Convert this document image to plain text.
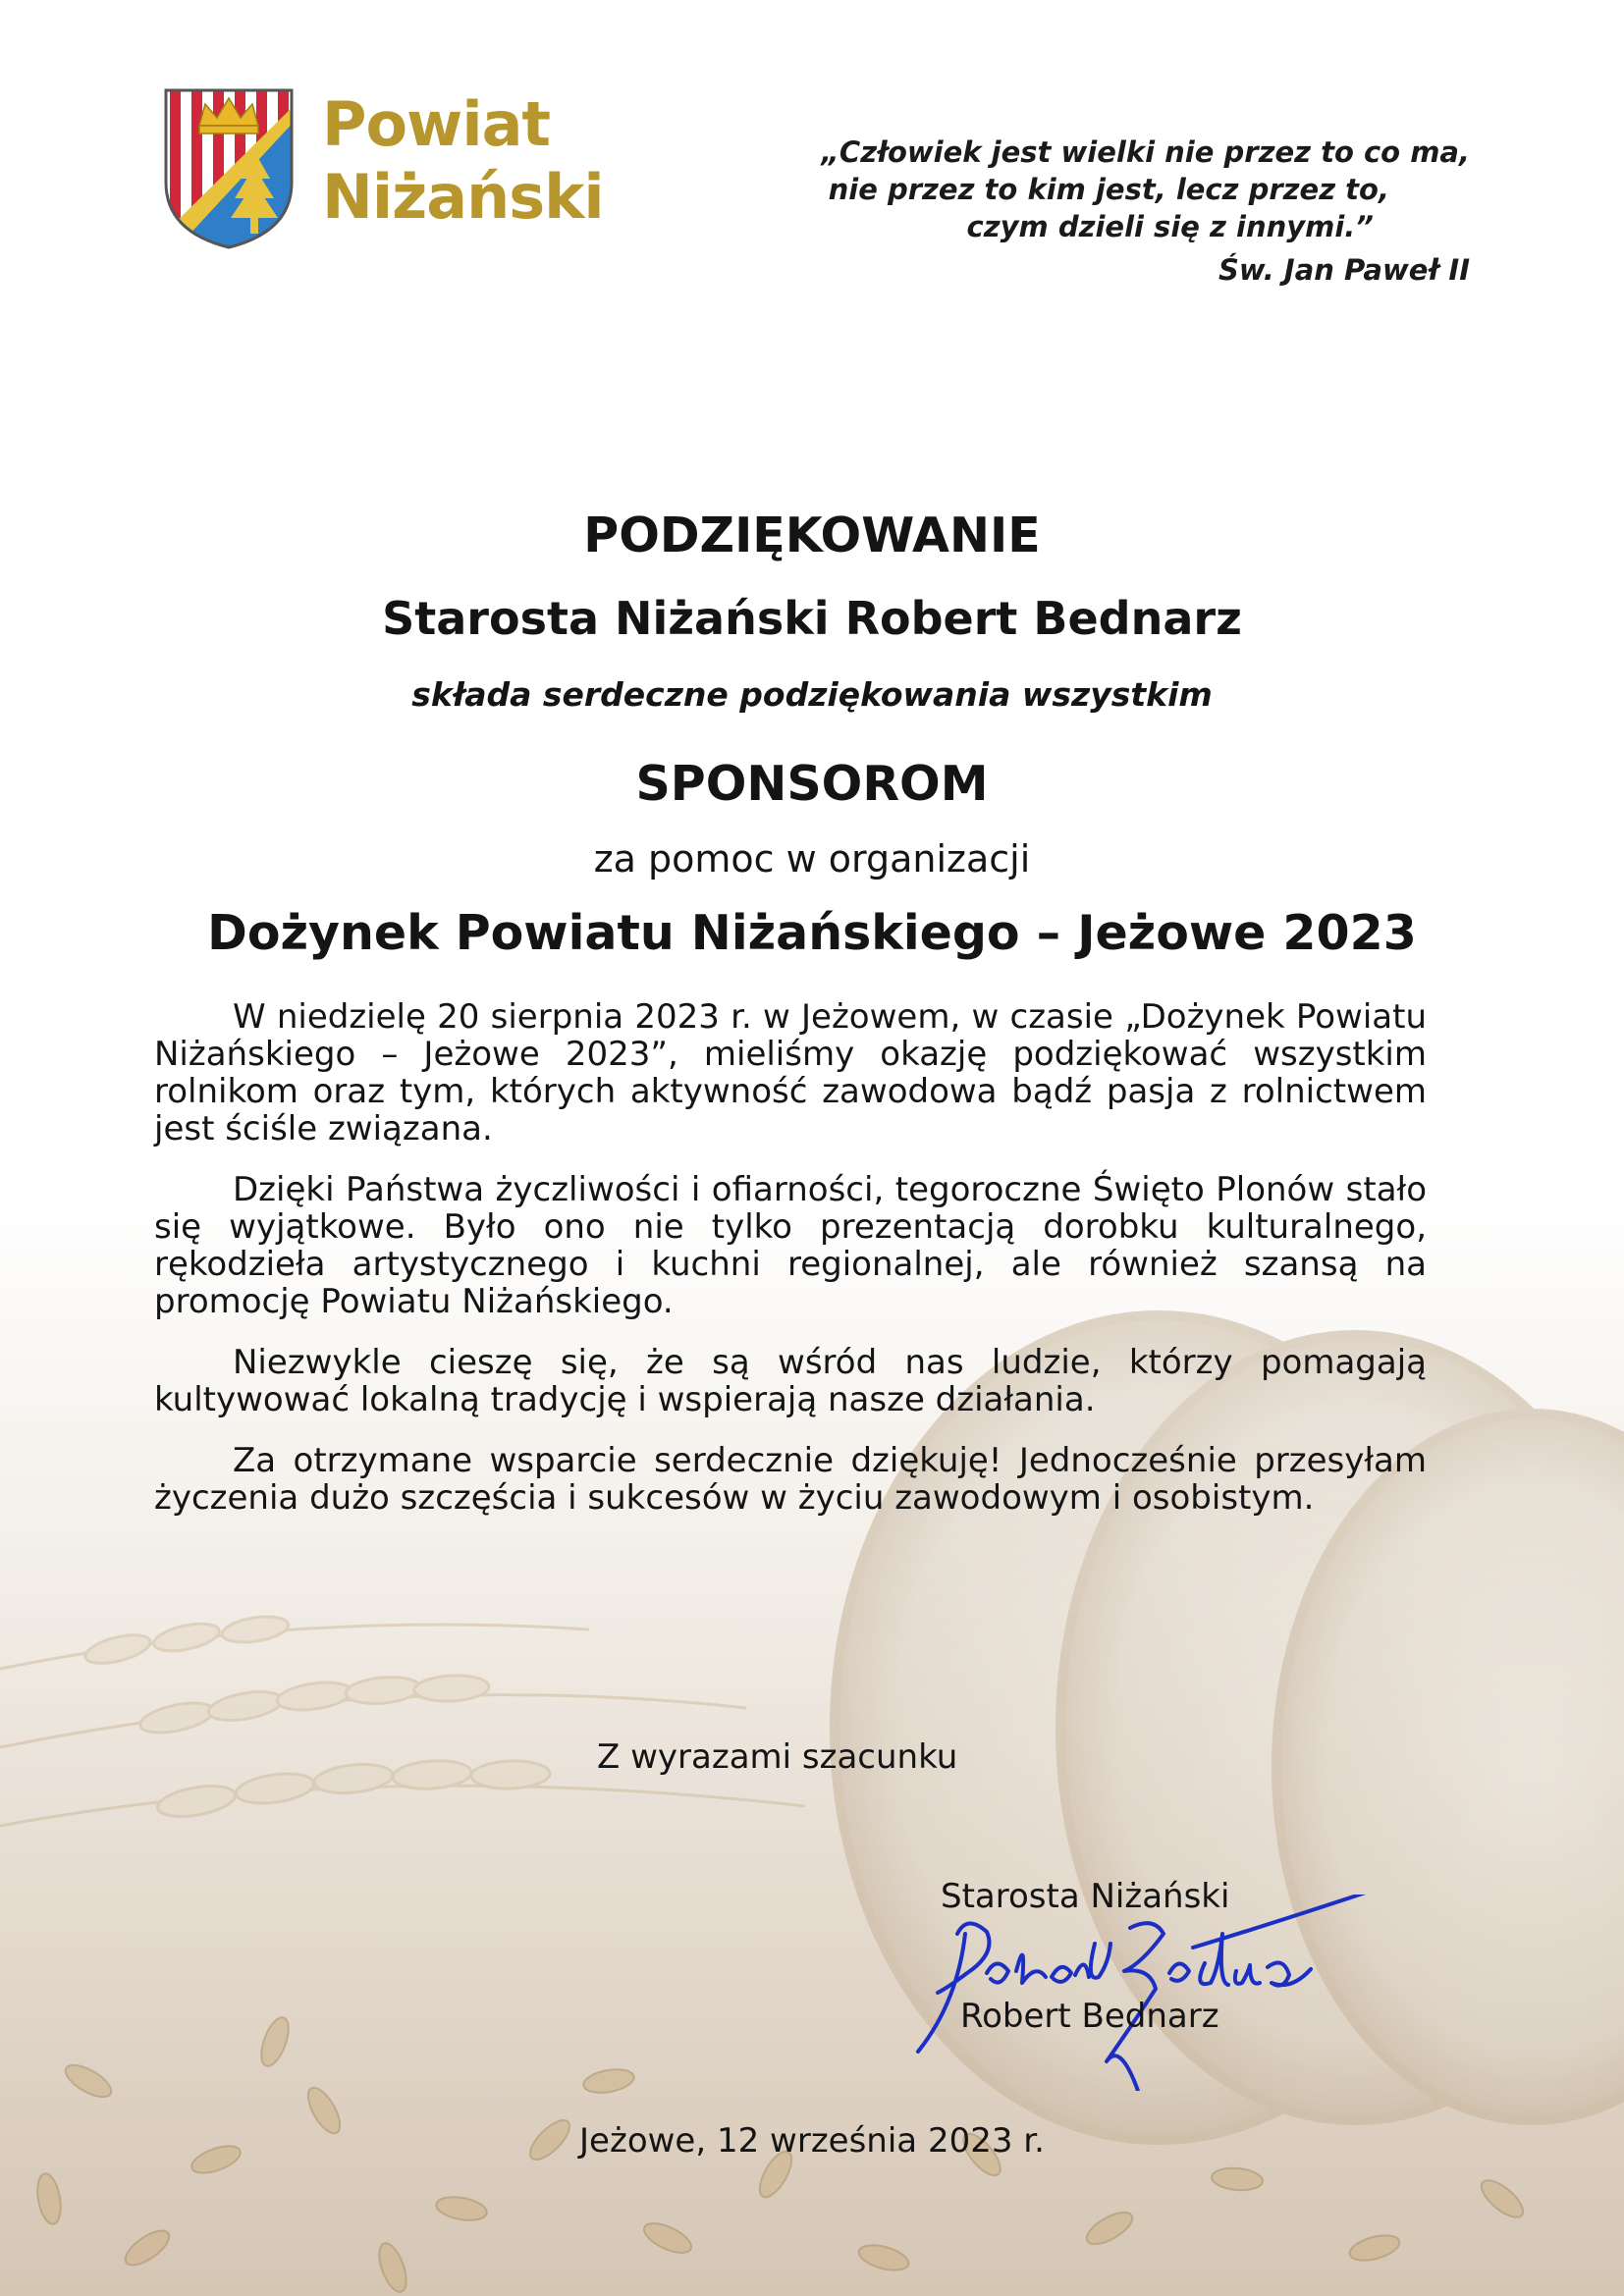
Powiat
Niżański
„Człowiek jest wielki nie przez to co ma,
nie przez to kim jest, lecz przez to,
czym dzieli się z innymi.”
Św. Jan Paweł II
PODZIĘKOWANIE
Starosta Niżański Robert Bednarz
składa serdeczne podziękowania wszystkim
SPONSOROM
za pomoc w organizacji
Dożynek Powiatu Niżańskiego – Jeżowe 2023

W niedzielę 20 sierpnia 2023 r. w Jeżowem, w czasie „Dożynek Powiatu Niżańskiego – Jeżowe 2023”, mieliśmy okazję podziękować wszystkim rolnikom oraz tym, których aktywność zawodowa bądź pasja z rolnictwem jest ściśle związana.

Dzięki Państwa życzliwości i ofiarności, tegoroczne Święto Plonów stało się wyjątkowe. Było ono nie tylko prezentacją dorobku kulturalnego, rękodzieła artystycznego i kuchni regionalnej, ale również szansą na promocję Powiatu Niżańskiego.

Niezwykle cieszę się, że są wśród nas ludzie, którzy pomagają kultywować lokalną tradycję i wspierają nasze działania.

Za otrzymane wsparcie serdecznie dziękuję! Jednocześnie przesyłam życzenia dużo szczęścia i sukcesów w życiu zawodowym i osobistym.

Z wyrazami szacunku
Starosta Niżański
Robert Bednarz
Jeżowe, 12 września 2023 r.
